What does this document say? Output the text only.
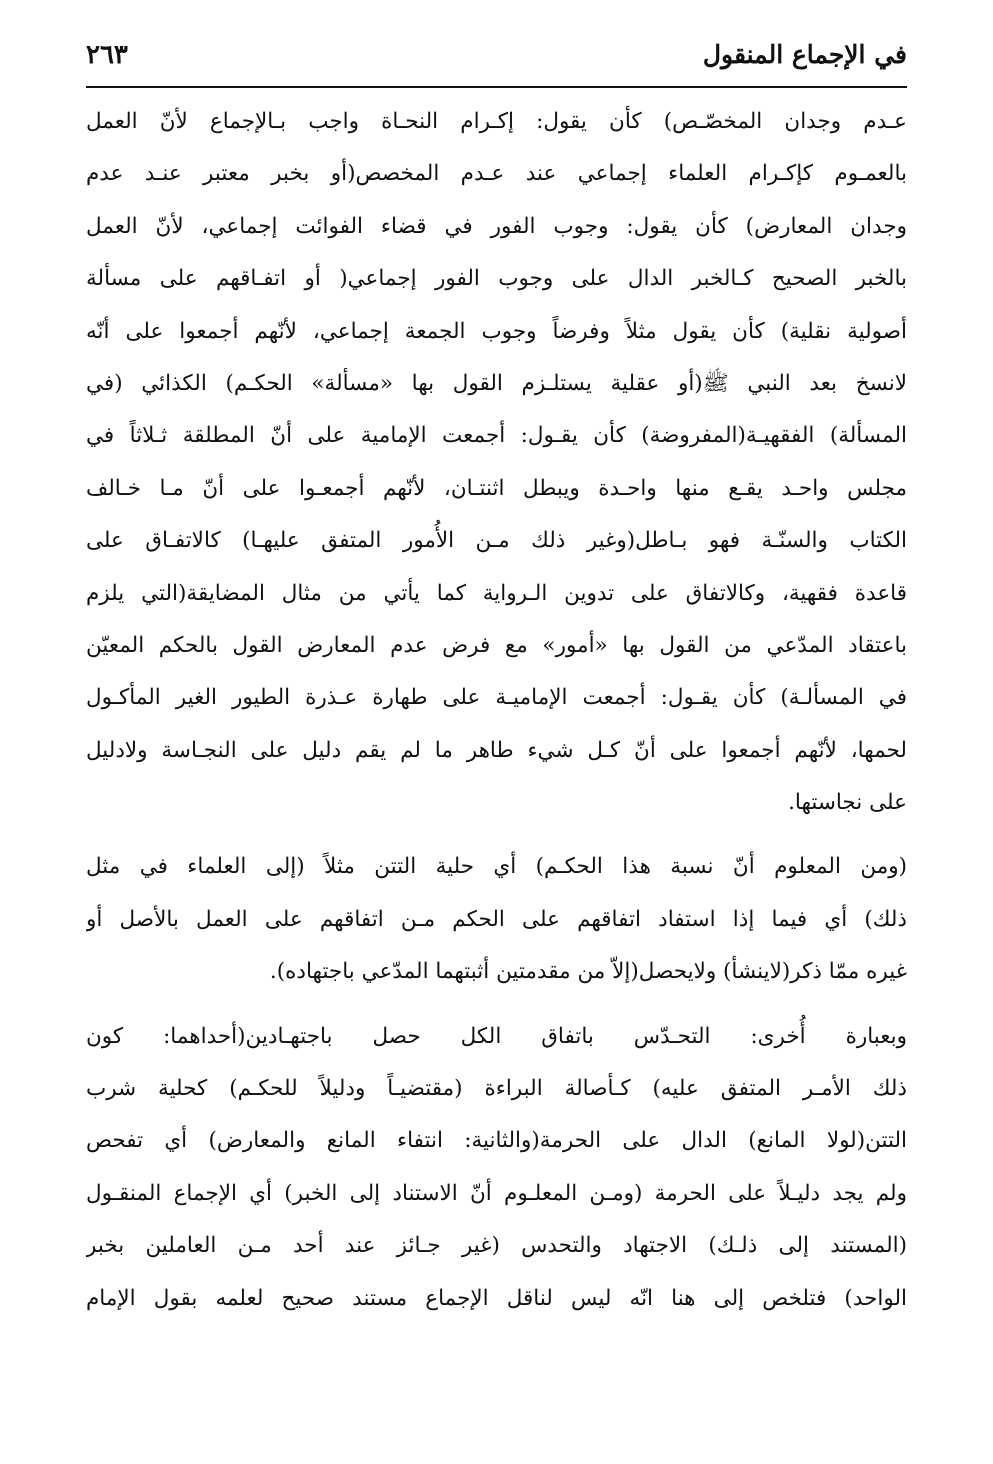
في الإجماع المنقول
٢٦٣
عـدم وجدان المخصّـص) كأن يقول: إكـرام النحـاة واجب بـالإجماع لأنّ العمل
بالعمـوم كإكـرام العلماء إجماعي عند عـدم المخصص(أو بخبر معتبر عنـد عدم
وجدان المعارض) كأن يقول: وجوب الفور في قضاء الفوائت إجماعي، لأنّ العمل
بالخبر الصحيح كـالخبر الدال على وجوب الفور إجماعي( أو اتفـاقهم على مسألة
أصولية نقلية) كأن يقول مثلاً وفرضاً وجوب الجمعة إجماعي، لأنّهم أجمعوا على أنّه
لانسخ بعد النبي ﷺ(أو عقلية يستلـزم القول بها «مسألة» الحكـم) الكذائي (في
المسألة) الفقهيـة(المفروضة) كأن يقـول: أجمعت الإمامية على أنّ المطلقة ثـلاثاً في
مجلس واحـد يقـع منها واحـدة ويبطل اثنتـان، لأنّهم أجمعـوا على أنّ مـا خـالف
الكتاب والسنّـة فهو بـاطل(وغير ذلك مـن الأُمور المتفق عليهـا) كالاتفـاق على
قاعدة فقهية، وكالاتفاق على تدوين الـرواية كما يأتي من مثال المضايقة(التي يلزم
باعتقاد المدّعي من القول بها «أمور» مع فرض عدم المعارض القول بالحكم المعيّن
في المسألـة) كأن يقـول: أجمعت الإماميـة على طهارة عـذرة الطيور الغير المأكـول
لحمها، لأنّهم أجمعوا على أنّ كـل شيء طاهر ما لم يقم دليل على النجـاسة ولادليل
على نجاستها.
(ومن المعلوم أنّ نسبة هذا الحكـم) أي حلية التتن مثلاً (إلى العلماء في مثل
ذلك) أي فيما إذا استفاد اتفاقهم على الحكم مـن اتفاقهم على العمل بالأصل أو
غيره ممّا ذكر(لاينشأ) ولايحصل(إلاّ من مقدمتين أثبتهما المدّعي باجتهاده).
وبعبارة أُخرى: التحـدّس باتفاق الكل حصل باجتهـادين(أحداهما: كون
ذلك الأمـر المتفق عليه) كـأصالة البراءة (مقتضيـاً ودليلاً للحكـم) كحلية شرب
التتن(لولا المانع) الدال على الحرمة(والثانية: انتفاء المانع والمعارض) أي تفحص
ولم يجد دليـلاً على الحرمة (ومـن المعلـوم أنّ الاستناد إلى الخبر) أي الإجماع المنقـول
(المستند إلى ذلـك) الاجتهاد والتحدس (غير جـائز عند أحد مـن العاملين بخبر
الواحد) فتلخص إلى هنا انّه ليس لناقل الإجماع مستند صحيح لعلمه بقول الإمام
